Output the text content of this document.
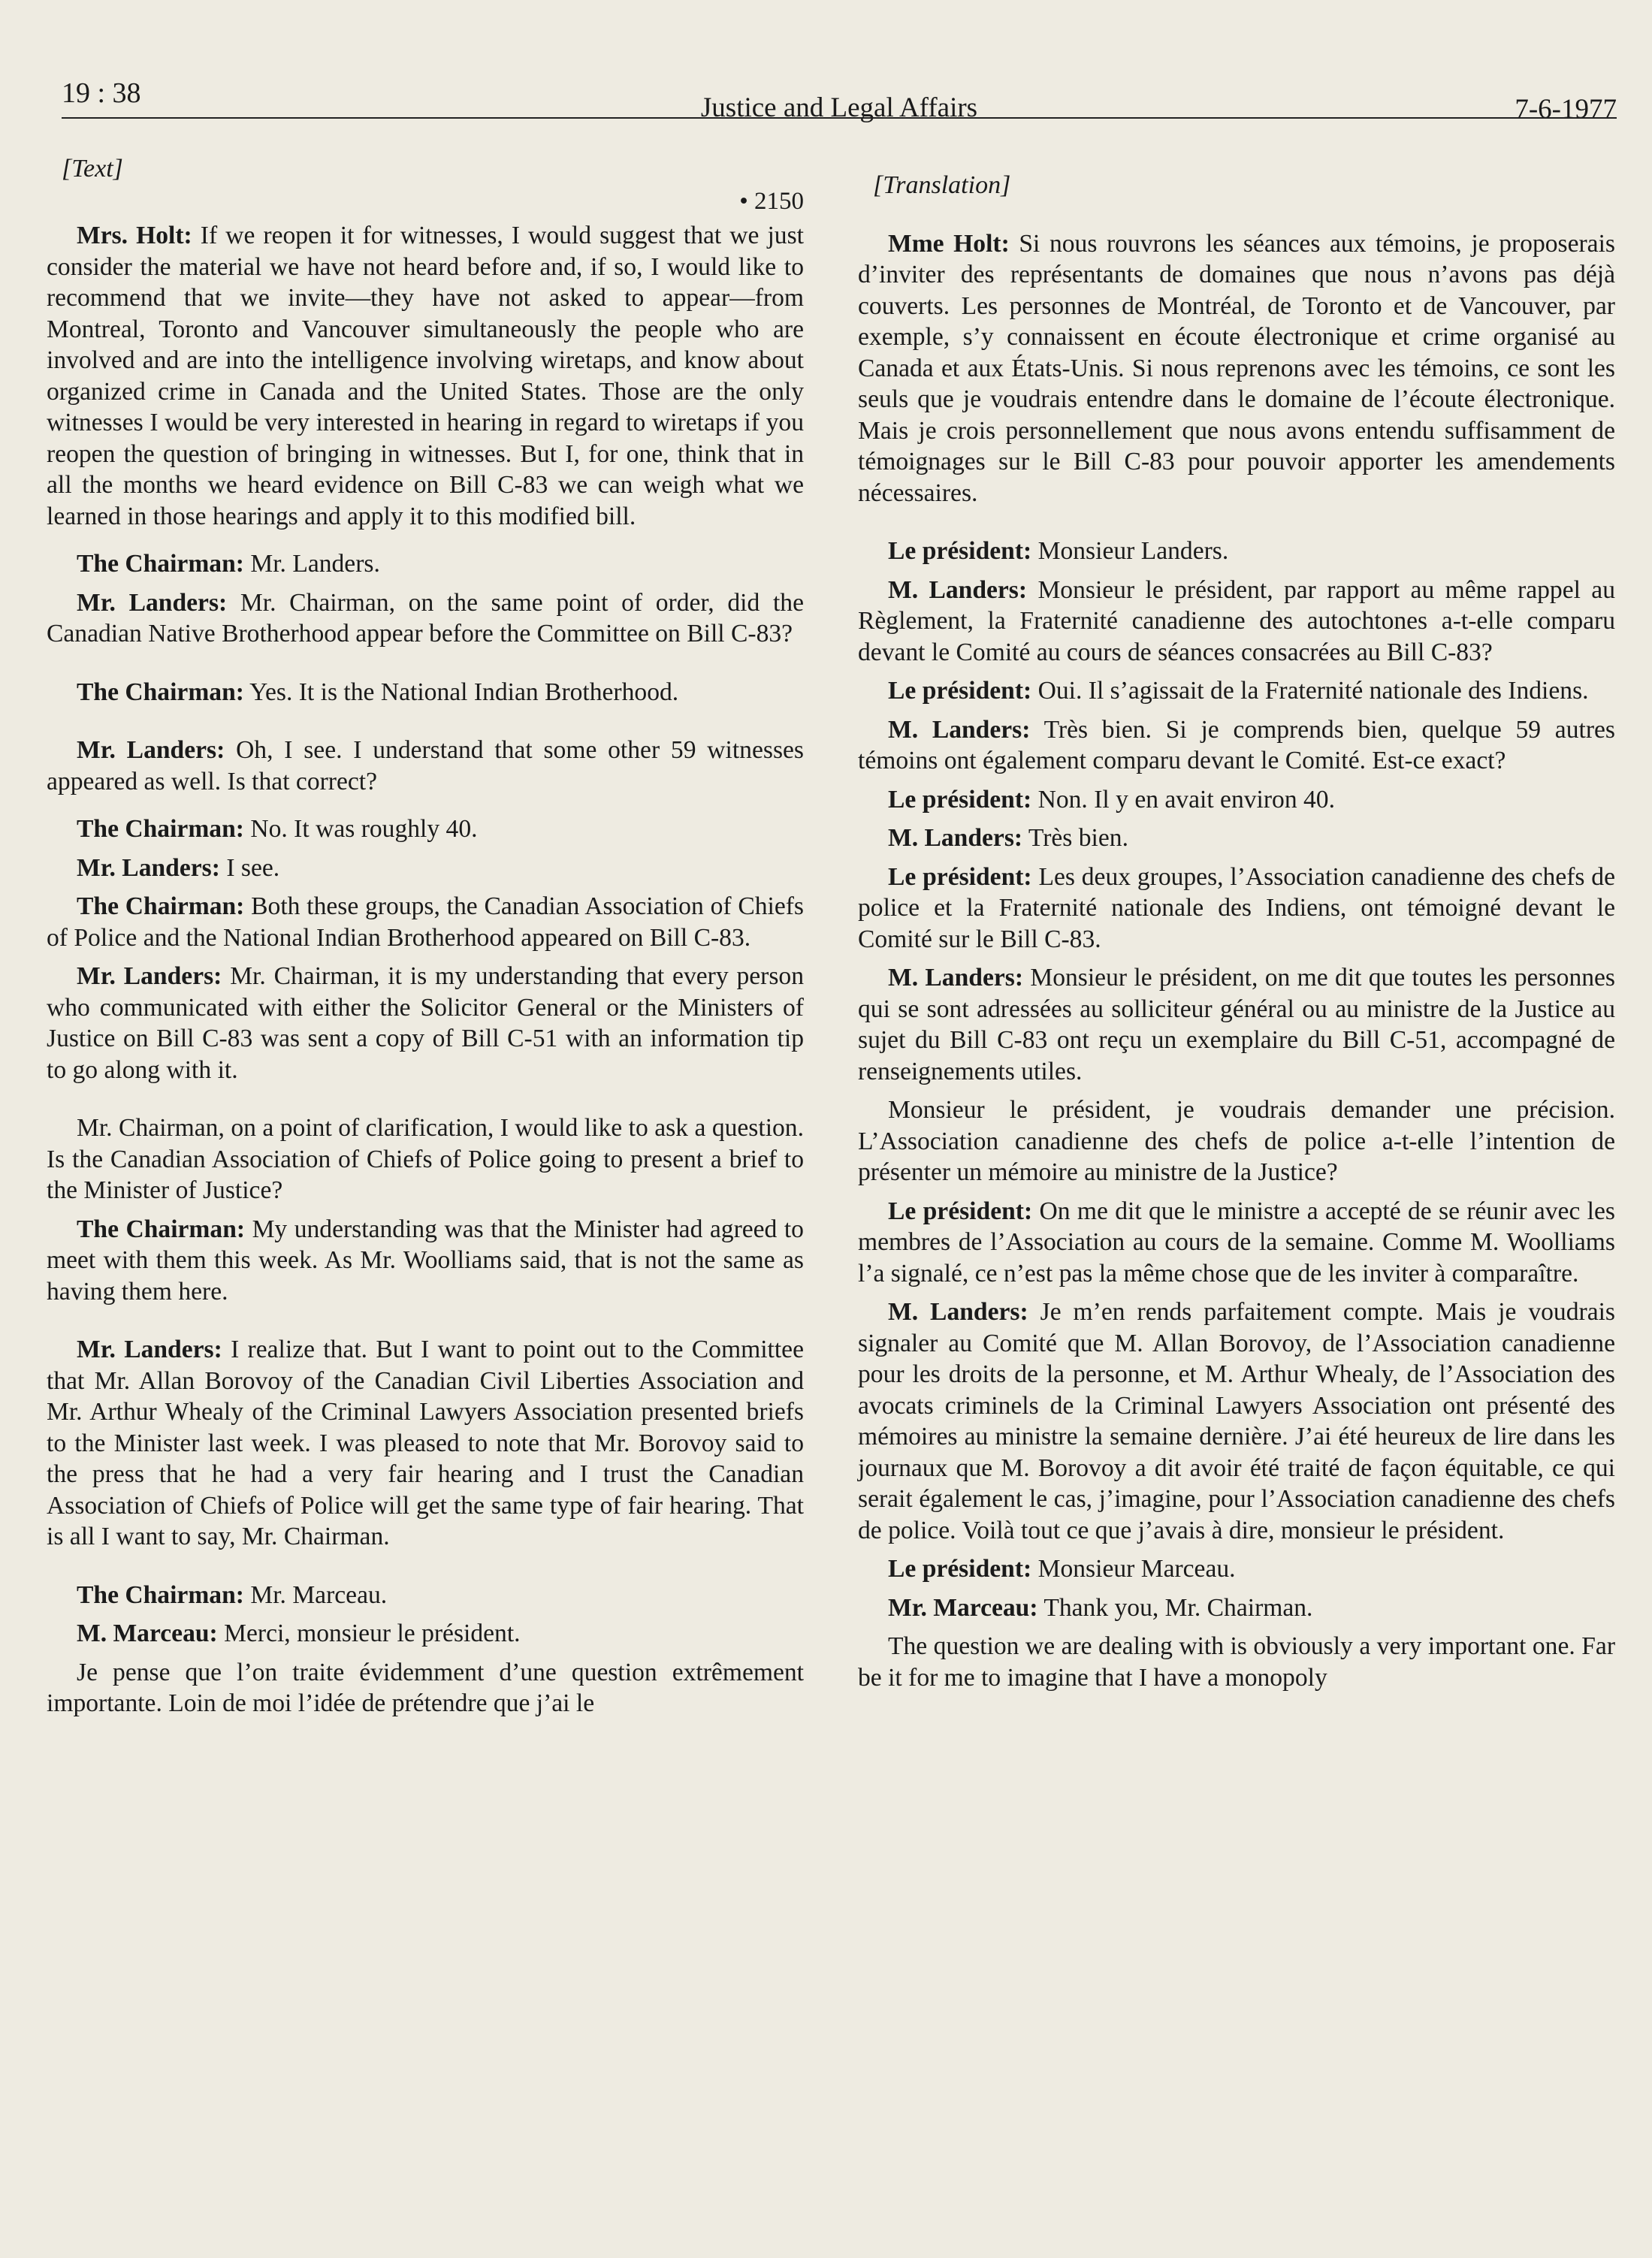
19 : 38	Justice and Legal Affairs	7-6-1977
[Text]
• 2150

Mrs. Holt: If we reopen it for witnesses, I would suggest that we just consider the material we have not heard before and, if so, I would like to recommend that we invite—they have not asked to appear—from Montreal, Toronto and Vancouver simultaneously the people who are involved and are into the intelligence involving wiretaps, and know about organized crime in Canada and the United States. Those are the only witnesses I would be very interested in hearing in regard to wiretaps if you reopen the question of bringing in witnesses. But I, for one, think that in all the months we heard evidence on Bill C-83 we can weigh what we learned in those hearings and apply it to this modified bill.

The Chairman: Mr. Landers.

Mr. Landers: Mr. Chairman, on the same point of order, did the Canadian Native Brotherhood appear before the Committee on Bill C-83?

The Chairman: Yes. It is the National Indian Brotherhood.

Mr. Landers: Oh, I see. I understand that some other 59 witnesses appeared as well. Is that correct?

The Chairman: No. It was roughly 40.

Mr. Landers: I see.

The Chairman: Both these groups, the Canadian Association of Chiefs of Police and the National Indian Brotherhood appeared on Bill C-83.

Mr. Landers: Mr. Chairman, it is my understanding that every person who communicated with either the Solicitor General or the Ministers of Justice on Bill C-83 was sent a copy of Bill C-51 with an information tip to go along with it.

Mr. Chairman, on a point of clarification, I would like to ask a question. Is the Canadian Association of Chiefs of Police going to present a brief to the Minister of Justice?

The Chairman: My understanding was that the Minister had agreed to meet with them this week. As Mr. Woolliams said, that is not the same as having them here.

Mr. Landers: I realize that. But I want to point out to the Committee that Mr. Allan Borovoy of the Canadian Civil Liberties Association and Mr. Arthur Whealy of the Criminal Lawyers Association presented briefs to the Minister last week. I was pleased to note that Mr. Borovoy said to the press that he had a very fair hearing and I trust the Canadian Association of Chiefs of Police will get the same type of fair hearing. That is all I want to say, Mr. Chairman.

The Chairman: Mr. Marceau.

M. Marceau: Merci, monsieur le président.

Je pense que l’on traite évidemment d’une question extrêmement importante. Loin de moi l’idée de prétendre que j’ai le

[Translation]

Mme Holt: Si nous rouvrons les séances aux témoins, je proposerais d’inviter des représentants de domaines que nous n’avons pas déjà couverts. Les personnes de Montréal, de Toronto et de Vancouver, par exemple, s’y connaissent en écoute électronique et crime organisé au Canada et aux États-Unis. Si nous reprenons avec les témoins, ce sont les seuls que je voudrais entendre dans le domaine de l’écoute électronique. Mais je crois personnellement que nous avons entendu suffisamment de témoignages sur le Bill C-83 pour pouvoir apporter les amendements nécessaires.

Le président: Monsieur Landers.

M. Landers: Monsieur le président, par rapport au même rappel au Règlement, la Fraternité canadienne des autochtones a-t-elle comparu devant le Comité au cours de séances consacrées au Bill C-83?

Le président: Oui. Il s’agissait de la Fraternité nationale des Indiens.

M. Landers: Très bien. Si je comprends bien, quelque 59 autres témoins ont également comparu devant le Comité. Est-ce exact?

Le président: Non. Il y en avait environ 40.

M. Landers: Très bien.

Le président: Les deux groupes, l’Association canadienne des chefs de police et la Fraternité nationale des Indiens, ont témoigné devant le Comité sur le Bill C-83.

M. Landers: Monsieur le président, on me dit que toutes les personnes qui se sont adressées au solliciteur général ou au ministre de la Justice au sujet du Bill C-83 ont reçu un exemplaire du Bill C-51, accompagné de renseignements utiles.

Monsieur le président, je voudrais demander une précision. L’Association canadienne des chefs de police a-t-elle l’intention de présenter un mémoire au ministre de la Justice?

Le président: On me dit que le ministre a accepté de se réunir avec les membres de l’Association au cours de la semaine. Comme M. Woolliams l’a signalé, ce n’est pas la même chose que de les inviter à comparaître.

M. Landers: Je m’en rends parfaitement compte. Mais je voudrais signaler au Comité que M. Allan Borovoy, de l’Association canadienne pour les droits de la personne, et M. Arthur Whealy, de l’Association des avocats criminels de la Criminal Lawyers Association ont présenté des mémoires au ministre la semaine dernière. J’ai été heureux de lire dans les journaux que M. Borovoy a dit avoir été traité de façon équitable, ce qui serait également le cas, j’imagine, pour l’Association canadienne des chefs de police. Voilà tout ce que j’avais à dire, monsieur le président.

Le président: Monsieur Marceau.

Mr. Marceau: Thank you, Mr. Chairman.

The question we are dealing with is obviously a very important one. Far be it for me to imagine that I have a monopoly
